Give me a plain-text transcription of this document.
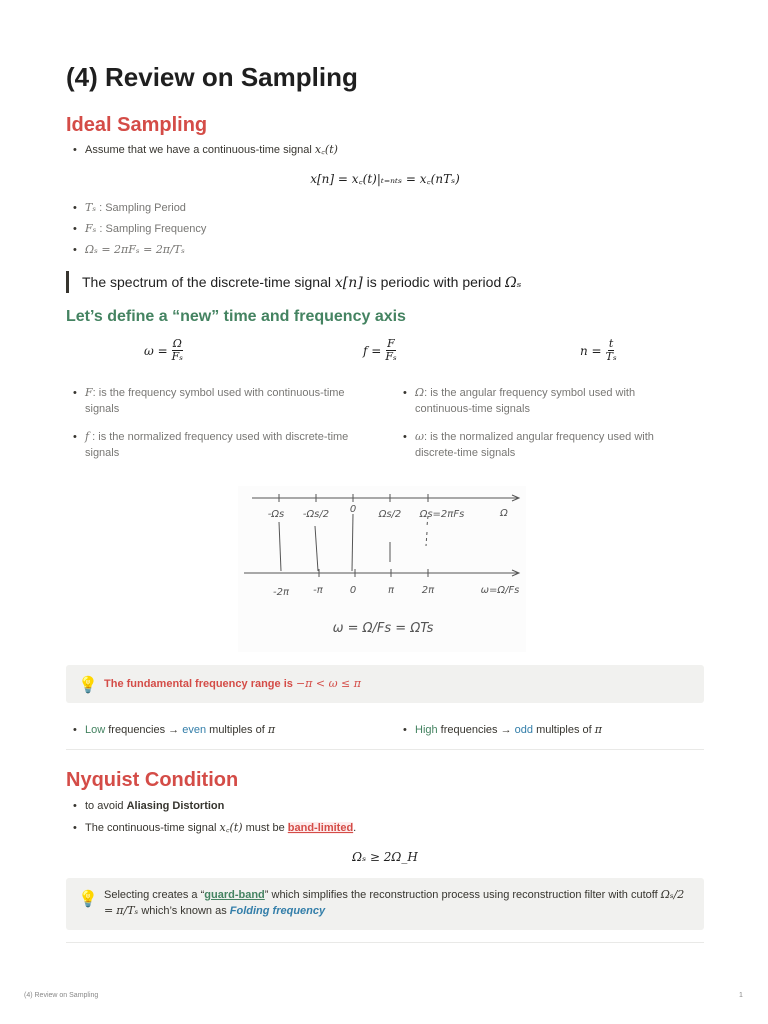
(4) Review on Sampling
Ideal Sampling
• Assume that we have a continuous-time signal x꜀(t)
x[n] = x꜀(t)|ₜ₌ₙₜₛ = x꜀(nTₛ)
• Tₛ : Sampling Period
• Fₛ : Sampling Frequency
• Ωₛ = 2πFₛ = 2π/Tₛ
The spectrum of the discrete-time signal x[n] is periodic with period Ωₛ
Let’s define a “new” time and frequency axis
$\omega = \frac{\Omega}{\text{Fₛ}}$	$f = \frac{F}{\text{Fₛ}}$	$n = \frac{t}{\text{Tₛ}}$
• F: is the frequency symbol used with continuous-time signals
• f : is the normalized frequency used with discrete-time signals
• Ω: is the angular frequency symbol used with continuous-time signals
• ω: is the normalized angular frequency used with discrete-time signals
-Ωs -Ωs/2 0 Ωs/2 Ωs=2πFs	Ω
-2π -π	0	π	2π	ω=Ω/Fs
ω = Ω/Fs = ΩTs
💡 The fundamental frequency range is −π < ω ≤ π
• Low frequencies → even multiples of π
•	High frequencies → odd multiples of π
Nyquist Condition
• to avoid Aliasing Distortion
• The continuous-time signal x꜀(t) must be band-limited.
Ωₛ ≥ 2Ω_H
💡 Selecting creates a “guard-band” which simplifies the reconstruction process using reconstruction filter with cutoff Ωₛ/2 = π/Tₛ which’s known as Folding frequency
(4) Review on Sampling	1
